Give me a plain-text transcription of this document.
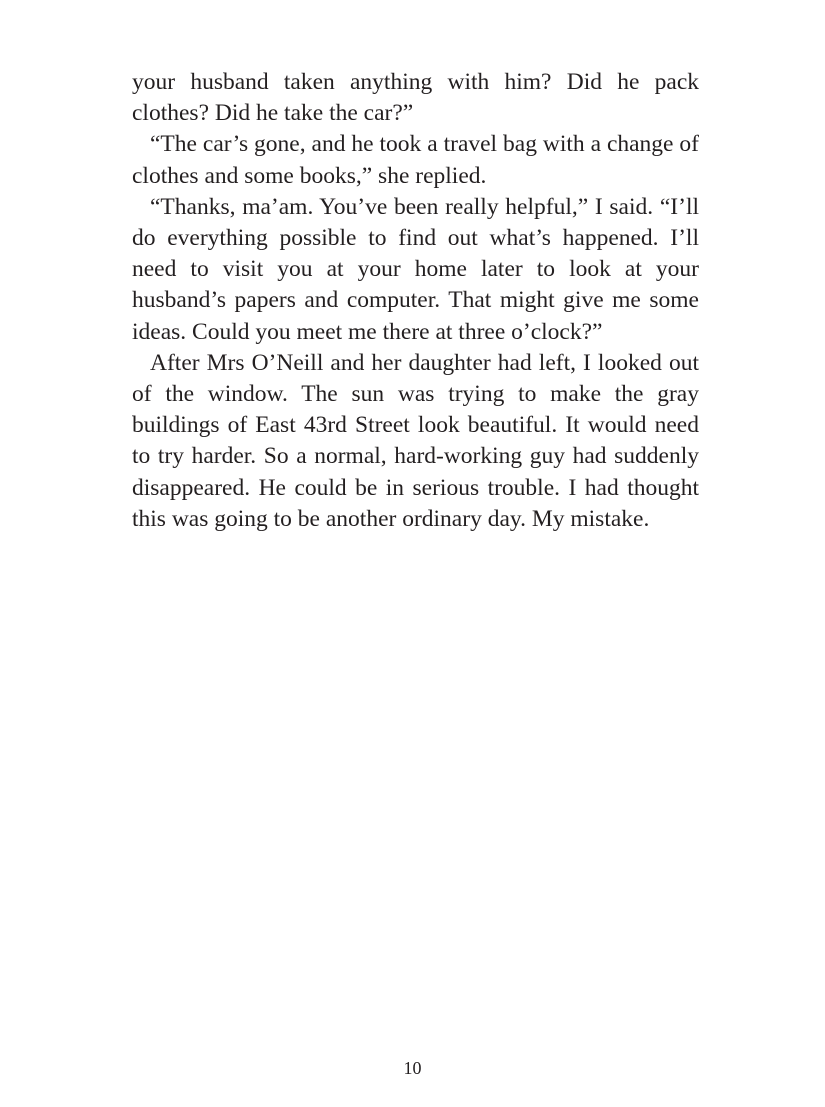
your husband taken anything with him? Did he pack clothes? Did he take the car?”

“The car’s gone, and he took a travel bag with a change of clothes and some books,” she replied.

“Thanks, ma’am. You’ve been really helpful,” I said. “I’ll do everything possible to find out what’s happened. I’ll need to visit you at your home later to look at your husband’s papers and computer. That might give me some ideas. Could you meet me there at three o’clock?”

After Mrs O’Neill and her daughter had left, I looked out of the window. The sun was trying to make the gray buildings of East 43rd Street look beautiful. It would need to try harder. So a normal, hard-working guy had suddenly disappeared. He could be in serious trouble. I had thought this was going to be another ordinary day. My mistake.

10
